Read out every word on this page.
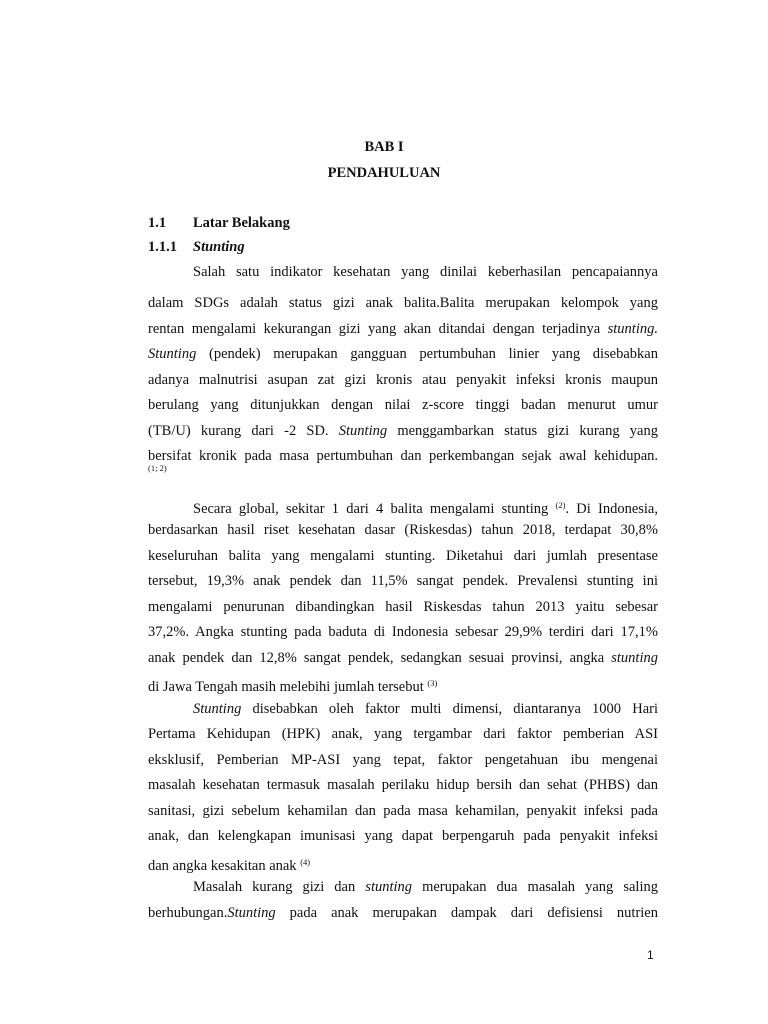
BAB I
PENDAHULUAN
1.1 Latar Belakang
1.1.1 Stunting
Salah satu indikator kesehatan yang dinilai keberhasilan pencapaiannya
dalam SDGs adalah status gizi anak balita.Balita merupakan kelompok yang
rentan mengalami kekurangan gizi yang akan ditandai dengan terjadinya stunting.
Stunting (pendek) merupakan gangguan pertumbuhan linier yang disebabkan
adanya malnutrisi asupan zat gizi kronis atau penyakit infeksi kronis maupun
berulang yang ditunjukkan dengan nilai z-score tinggi badan menurut umur
(TB/U) kurang dari -2 SD. Stunting menggambarkan status gizi kurang yang
bersifat kronik pada masa pertumbuhan dan perkembangan sejak awal kehidupan.
Secara global, sekitar 1 dari 4 balita mengalami stunting $^{(2)}$. Di Indonesia,
berdasarkan hasil riset kesehatan dasar (Riskesdas) tahun 2018, terdapat 30,8%
keseluruhan balita yang mengalami stunting. Diketahui dari jumlah presentase
tersebut, 19,3% anak pendek dan 11,5% sangat pendek. Prevalensi stunting ini
mengalami penurunan dibandingkan hasil Riskesdas tahun 2013 yaitu sebesar
37,2%. Angka stunting pada baduta di Indonesia sebesar 29,9% terdiri dari 17,1%
anak pendek dan 12,8% sangat pendek, sedangkan sesuai provinsi, angka stunting
di Jawa Tengah masih melebihi jumlah tersebut $^{(3)}$
Stunting disebabkan oleh faktor multi dimensi, diantaranya 1000 Hari
Pertama Kehidupan (HPK) anak, yang tergambar dari faktor pemberian ASI
eksklusif, Pemberian MP-ASI yang tepat, faktor pengetahuan ibu mengenai
masalah kesehatan termasuk masalah perilaku hidup bersih dan sehat (PHBS) dan
sanitasi, gizi sebelum kehamilan dan pada masa kehamilan, penyakit infeksi pada
anak, dan kelengkapan imunisasi yang dapat berpengaruh pada penyakit infeksi
dan angka kesakitan anak $^{(4)}$
Masalah kurang gizi dan stunting merupakan dua masalah yang saling
berhubungan.Stunting pada anak merupakan dampak dari defisiensi nutrien
(1; 2)
1
